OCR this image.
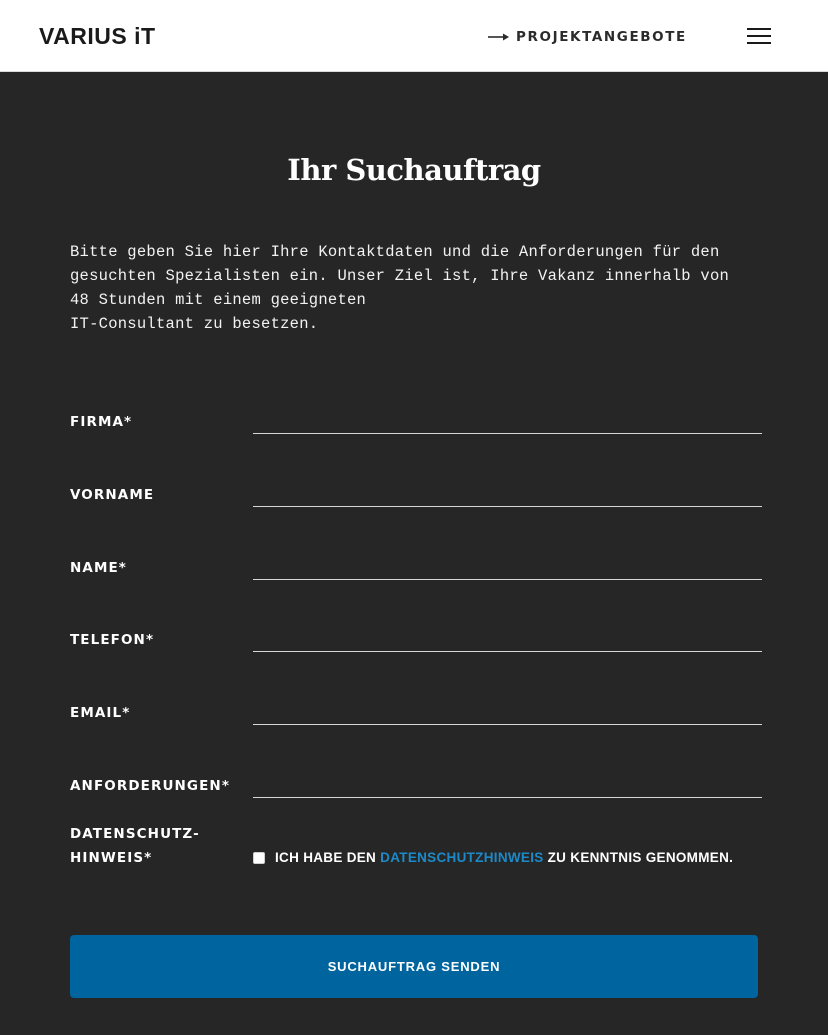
VARIUS iT	PROJEKTANGEBOTE
Ihr Suchauftrag

Bitte geben Sie hier Ihre Kontaktdaten und die Anforderungen für den
gesuchten Spezialisten ein. Unser Ziel ist, Ihre Vakanz innerhalb von
48 Stunden mit einem geeigneten
IT-Consultant zu besetzen.

FIRMA*
VORNAME
NAME*
TELEFON*
EMAIL*
ANFORDERUNGEN*
DATENSCHUTZ-
HINWEIS*	ICH HABE DEN DATENSCHUTZHINWEIS ZU KENNTNIS GENOMMEN.
SUCHAUFTRAG SENDEN
